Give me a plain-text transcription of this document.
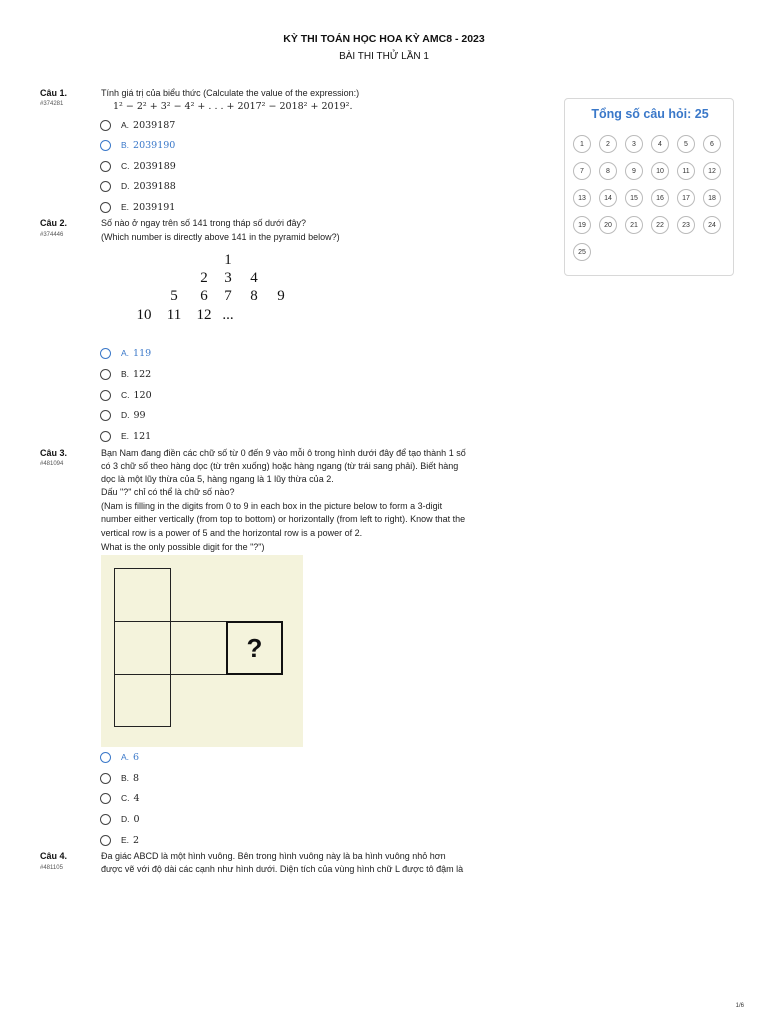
KỲ THI TOÁN HỌC HOA KỲ AMC8 - 2023
BÀI THI THỬ LẦN 1
Câu 1.
#374281
Tính giá trị của biểu thức (Calculate the value of the expression:)
1² − 2² + 3² − 4² + . . . + 2017² − 2018² + 2019².
A. 2039187
B. 2039190
C. 2039189
D. 2039188
E. 2039191
Câu 2.
#374446
Số nào ở ngay trên số 141 trong tháp số dưới đây?
(Which number is directly above 141 in the pyramid below?)
1
2	3	4
5	6	7	8	9
10	11	12 ...
A. 119
B. 122
C. 120
D. 99
E. 121
Câu 3.
#481094
Bạn Nam đang điền các chữ số từ 0 đến 9 vào mỗi ô trong hình dưới đây để tạo thành 1 số
có 3 chữ số theo hàng dọc (từ trên xuống) hoặc hàng ngang (từ trái sang phải). Biết hàng
dọc là một lũy thừa của 5, hàng ngang là 1 lũy thừa của 2.
Dấu "?" chỉ có thể là chữ số nào?
(Nam is filling in the digits from 0 to 9 in each box in the picture below to form a 3-digit
number either vertically (from top to bottom) or horizontally (from left to right). Know that the
vertical row is a power of 5 and the horizontal row is a power of 2.
What is the only possible digit for the "?")
?
A. 6
B. 8
C. 4
D. 0
E. 2
Câu 4.
#481105
Đa giác ABCD là một hình vuông. Bên trong hình vuông này là ba hình vuông nhỏ hơn
được vẽ với độ dài các cạnh như hình dưới. Diện tích của vùng hình chữ L được tô đậm là
Tổng số câu hỏi: 25
1	2	3	4	5	6
7	8	9	10	11	12
13	14	15	16	17	18
19	20	21	22	23	24
25
1/6
